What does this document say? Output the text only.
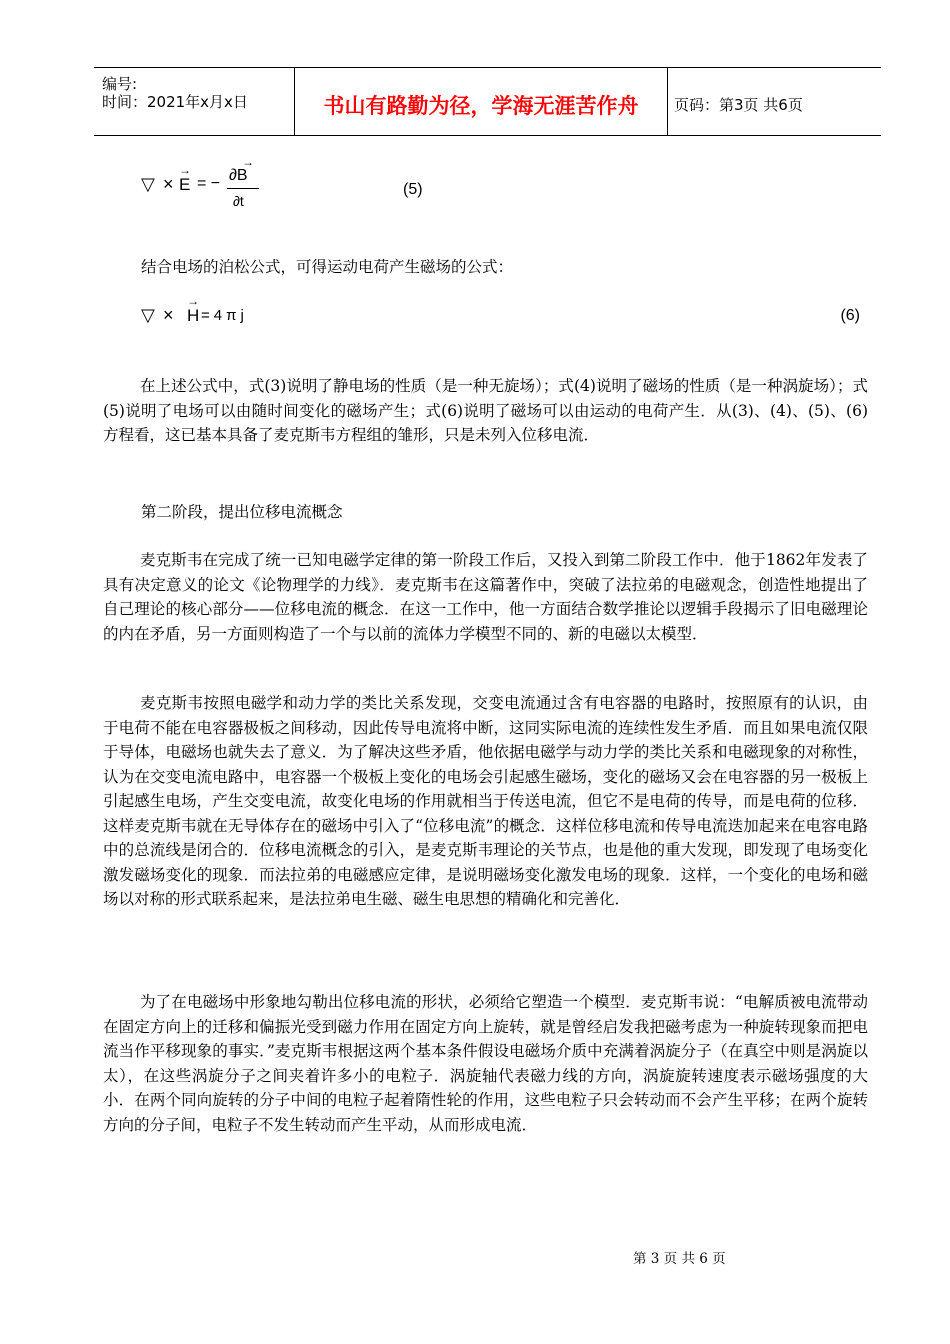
编号:
时间：2021年x月x日	书山有路勤为径，学海无涯苦作舟	页码：第3页 共6页
▽ × → E = − ∂B
→
∂t
(5)
结合电场的泊松公式，可得运动电荷产生磁场的公式：
▽ × → H =4πj	(6)
在上述公式中，式(3)说明了静电场的性质（是一种无旋场）；式(4)说明了磁场的性质（是一种涡旋场）；式(5)说明了电场可以由随时间变化的磁场产生；式(6)说明了磁场可以由运动的电荷产生．从(3)、(4)、(5)、(6)方程看，这已基本具备了麦克斯韦方程组的雏形，只是未列入位移电流．
第二阶段，提出位移电流概念
麦克斯韦在完成了统一已知电磁学定律的第一阶段工作后，又投入到第二阶段工作中．他于1862年发表了具有决定意义的论文《论物理学的力线》．麦克斯韦在这篇著作中，突破了法拉弟的电磁观念，创造性地提出了自己理论的核心部分——位移电流的概念．在这一工作中，他一方面结合数学推论以逻辑手段揭示了旧电磁理论的内在矛盾，另一方面则构造了一个与以前的流体力学模型不同的、新的电磁以太模型．
麦克斯韦按照电磁学和动力学的类比关系发现，交变电流通过含有电容器的电路时，按照原有的认识，由于电荷不能在电容器极板之间移动，因此传导电流将中断，这同实际电流的连续性发生矛盾．而且如果电流仅限于导体，电磁场也就失去了意义．为了解决这些矛盾，他依据电磁学与动力学的类比关系和电磁现象的对称性，认为在交变电流电路中，电容器一个极板上变化的电场会引起感生磁场，变化的磁场又会在电容器的另一极板上引起感生电场，产生交变电流，故变化电场的作用就相当于传送电流，但它不是电荷的传导，而是电荷的位移．这样麦克斯韦就在无导体存在的磁场中引入了“位移电流”的概念．这样位移电流和传导电流迭加起来在电容电路中的总流线是闭合的．位移电流概念的引入，是麦克斯韦理论的关节点，也是他的重大发现，即发现了电场变化激发磁场变化的现象．而法拉弟的电磁感应定律，是说明磁场变化激发电场的现象．这样，一个变化的电场和磁场以对称的形式联系起来，是法拉弟电生磁、磁生电思想的精确化和完善化．
为了在电磁场中形象地勾勒出位移电流的形状，必须给它塑造一个模型．麦克斯韦说：“电解质被电流带动在固定方向上的迁移和偏振光受到磁力作用在固定方向上旋转，就是曾经启发我把磁考虑为一种旋转现象而把电流当作平移现象的事实．”麦克斯韦根据这两个基本条件假设电磁场介质中充满着涡旋分子（在真空中则是涡旋以太），在这些涡旋分子之间夹着许多小的电粒子．涡旋轴代表磁力线的方向，涡旋旋转速度表示磁场强度的大小．在两个同向旋转的分子中间的电粒子起着隋性轮的作用，这些电粒子只会转动而不会产生平移；在两个旋转方向的分子间，电粒子不发生转动而产生平动，从而形成电流．
第 3 页 共 6 页
